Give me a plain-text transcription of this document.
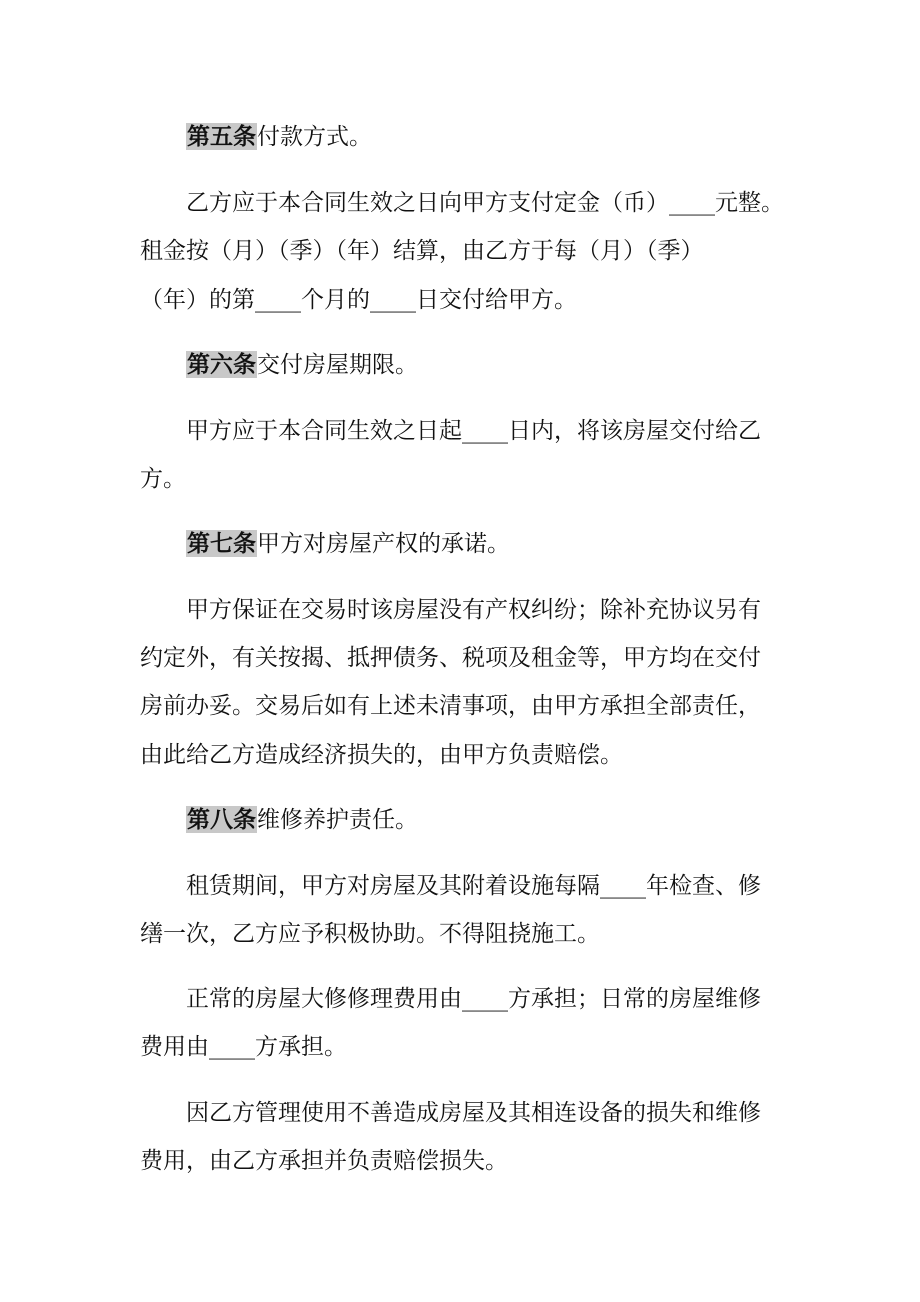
第五条付款方式。
乙方应于本合同生效之日向甲方支付定金（币）____元整。
租金按（月）（季）（年）结算，由乙方于每（月）（季）
（年）的第____个月的____日交付给甲方。
第六条交付房屋期限。
甲方应于本合同生效之日起____日内，将该房屋交付给乙
方。
第七条甲方对房屋产权的承诺。
甲方保证在交易时该房屋没有产权纠纷；除补充协议另有
约定外，有关按揭、抵押债务、税项及租金等，甲方均在交付
房前办妥。交易后如有上述未清事项，由甲方承担全部责任，
由此给乙方造成经济损失的，由甲方负责赔偿。
第八条维修养护责任。
租赁期间，甲方对房屋及其附着设施每隔____年检查、修
缮一次，乙方应予积极协助。不得阻挠施工。
正常的房屋大修修理费用由____方承担；日常的房屋维修
费用由____方承担。
因乙方管理使用不善造成房屋及其相连设备的损失和维修
费用，由乙方承担并负责赔偿损失。
